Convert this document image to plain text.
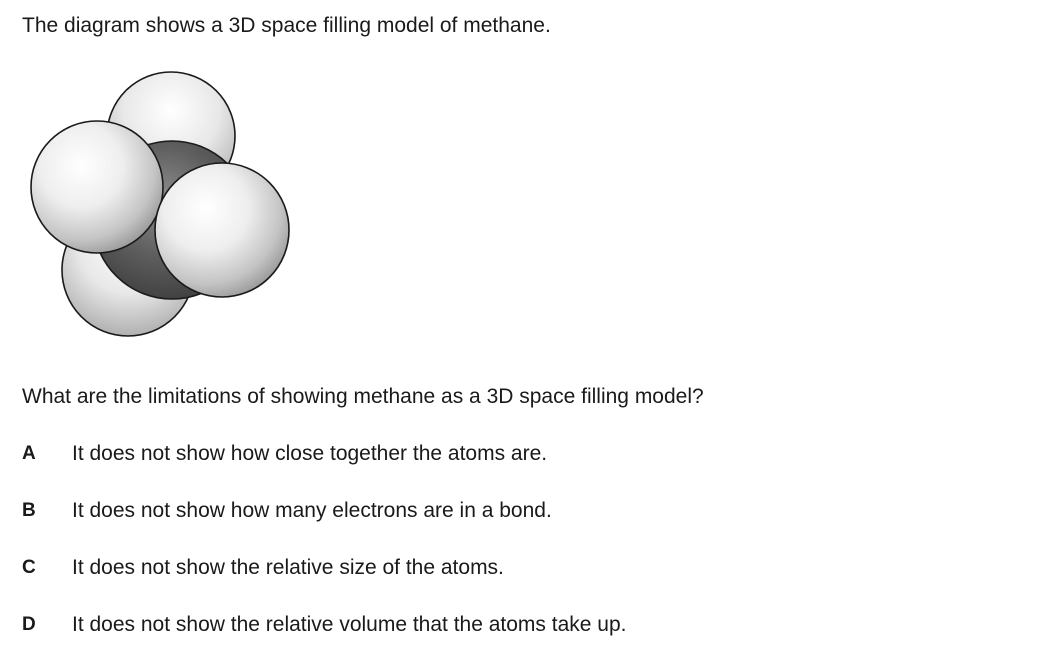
The diagram shows a 3D space filling model of methane.

What are the limitations of showing methane as a 3D space filling model?

A It does not show how close together the atoms are.
B It does not show how many electrons are in a bond.
C It does not show the relative size of the atoms.
D It does not show the relative volume that the atoms take up.
